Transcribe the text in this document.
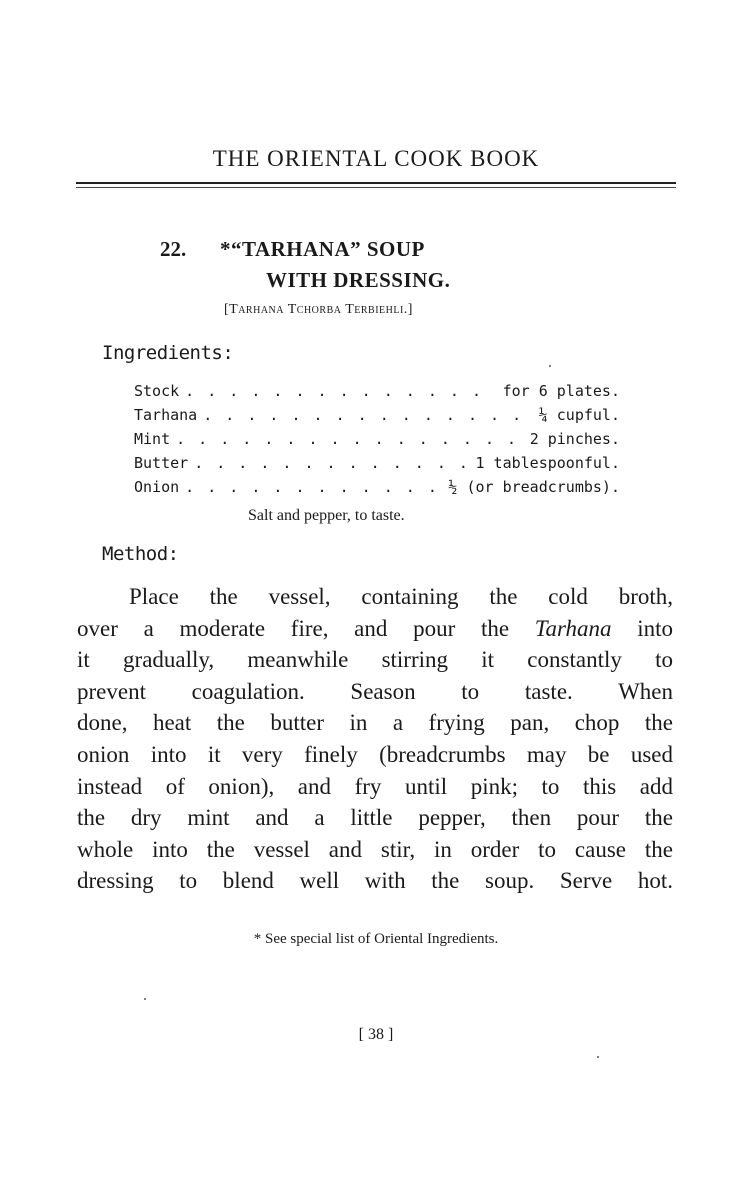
THE ORIENTAL COOK BOOK
22. *“TARHANA” SOUP
WITH DRESSING.
[Tarhana Tchorba Terbiehli.]
Ingredients:
Stock . . .	for 6 plates.
Tarhana . . .	¼ cupful.
Mint . . .	2 pinches.
Butter . . .	1 tablespoonful.
Onion . . .	½ (or breadcrumbs).
Salt and pepper, to taste.
Method:
Place the vessel, containing the cold broth,
over a moderate fire, and pour the Tarhana into
it gradually, meanwhile stirring it constantly to
prevent coagulation. Season to taste. When
done, heat the butter in a frying pan, chop the
onion into it very finely (breadcrumbs may be used
instead of onion), and fry until pink; to this add
the dry mint and a little pepper, then pour the
whole into the vessel and stir, in order to cause the
dressing to blend well with the soup. Serve hot.
* See special list of Oriental Ingredients.
[ 38 ]
